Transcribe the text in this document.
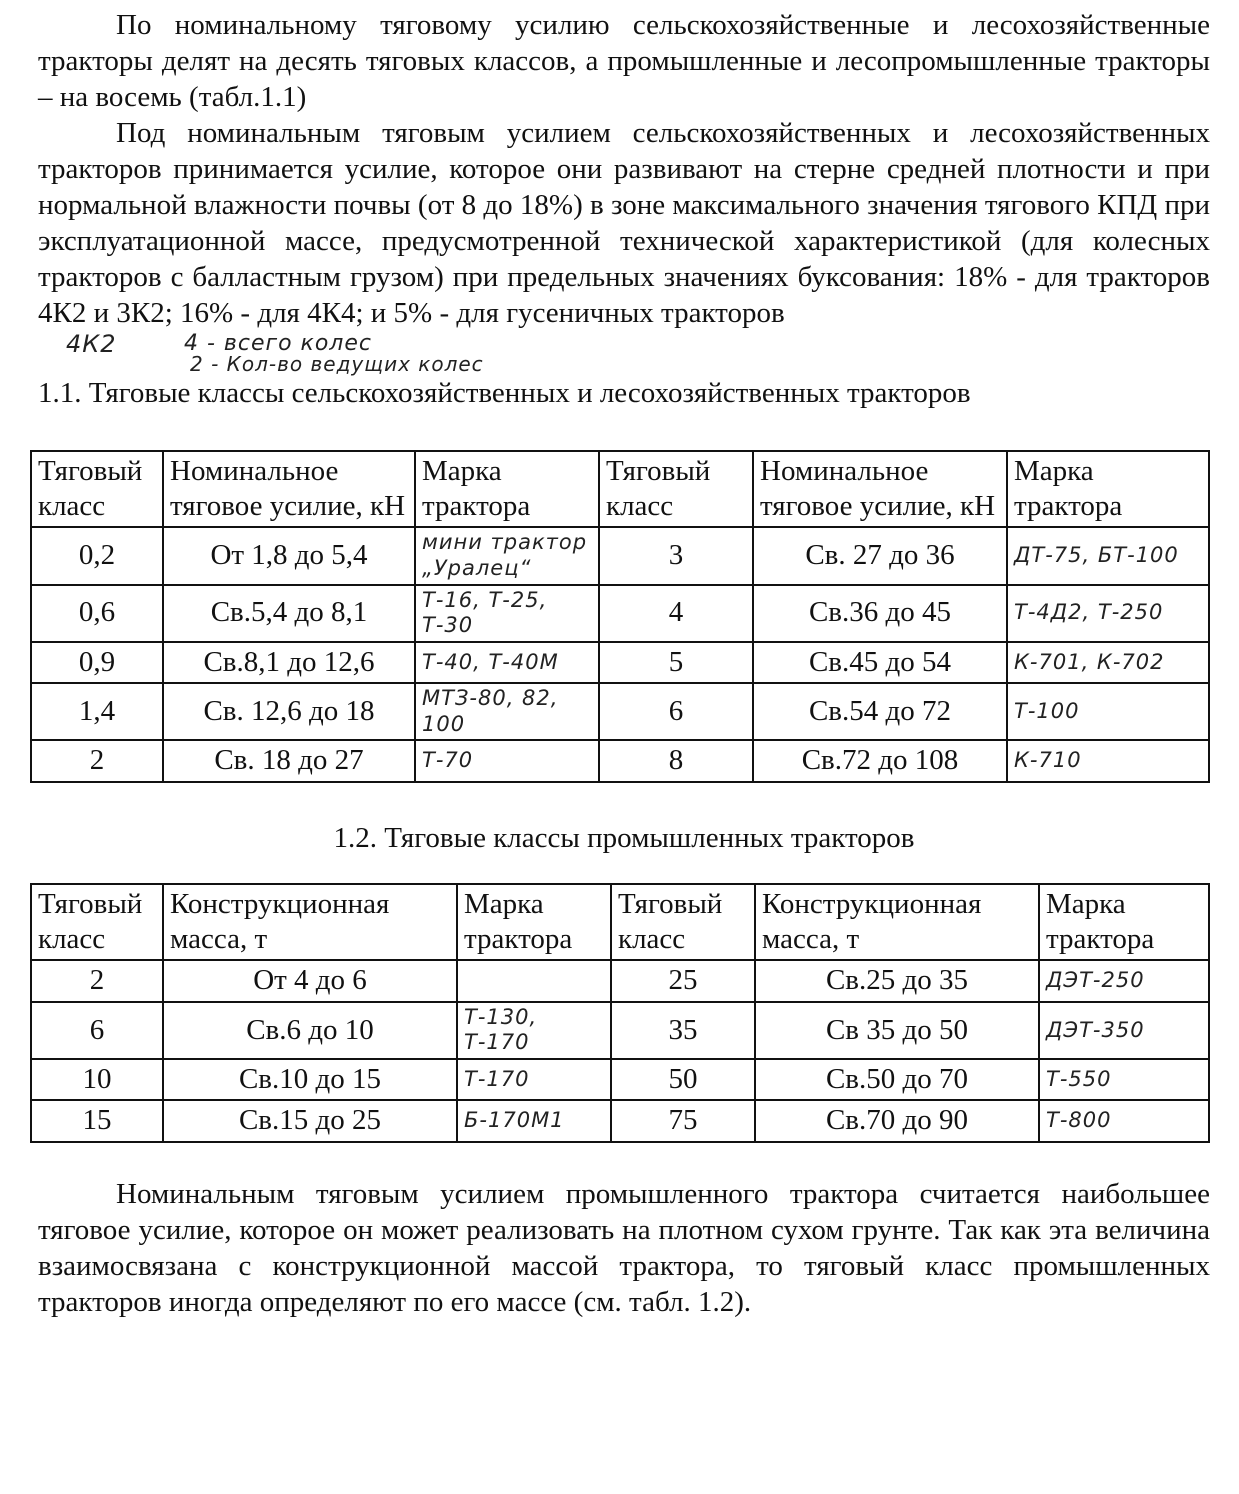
По номинальному тяговому усилию сельскохозяйственные и лесохозяйственные тракторы делят на десять тяговых классов, а промышленные и лесопромышленные тракторы – на восемь (табл.1.1)

Под номинальным тяговым усилием сельскохозяйственных и лесохозяйственных тракторов принимается усилие, которое они развивают на стерне средней плотности и при нормальной влажности почвы (от 8 до 18%) в зоне максимального значения тягового КПД при эксплуатационной массе, предусмотренной технической характеристикой (для колесных тракторов с балластным грузом) при предельных значениях буксования: 18% - для тракторов 4К2 и 3К2; 16% - для 4К4; и 5% - для гусеничных тракторов

4К2	4 - всего колес
2 - Кол-во ведущих колес

1.1. Тяговые классы сельскохозяйственных и лесохозяйственных тракторов

Тяговый класс	Номинальное тяговое усилие, кН	Марка трактора	Тяговый класс	Номинальное тяговое усилие, кН	Марка трактора
0,2	От 1,8 до 5,4	мини трактор „Уралец“	3	Св. 27 до 36	ДТ-75, БТ-100
0,6	Св.5,4 до 8,1	Т-16, Т-25, Т-30	4	Св.36 до 45	Т-4Д2, Т-250
0,9	Св.8,1 до 12,6	Т-40, Т-40М	5	Св.45 до 54	К-701, К-702
1,4	Св. 12,6 до 18	МТЗ-80, 82, 100	6	Св.54 до 72	Т-100
2	Св. 18 до 27	Т-70	8	Св.72 до 108	К-710

1.2. Тяговые классы промышленных тракторов

Тяговый класс	Конструкционная масса, т	Марка трактора	Тяговый класс	Конструкционная масса, т	Марка трактора
2	От 4 до 6		25	Св.25 до 35	ДЭТ-250
6	Св.6 до 10	Т-130, Т-170	35	Св 35 до 50	ДЭТ-350
10	Св.10 до 15	Т-170	50	Св.50 до 70	Т-550
15	Св.15 до 25	Б-170М1	75	Св.70 до 90	Т-800

Номинальным тяговым усилием промышленного трактора считается наибольшее тяговое усилие, которое он может реализовать на плотном сухом грунте. Так как эта величина взаимосвязана с конструкционной массой трактора, то тяговый класс промышленных тракторов иногда определяют по его массе (см. табл. 1.2).
